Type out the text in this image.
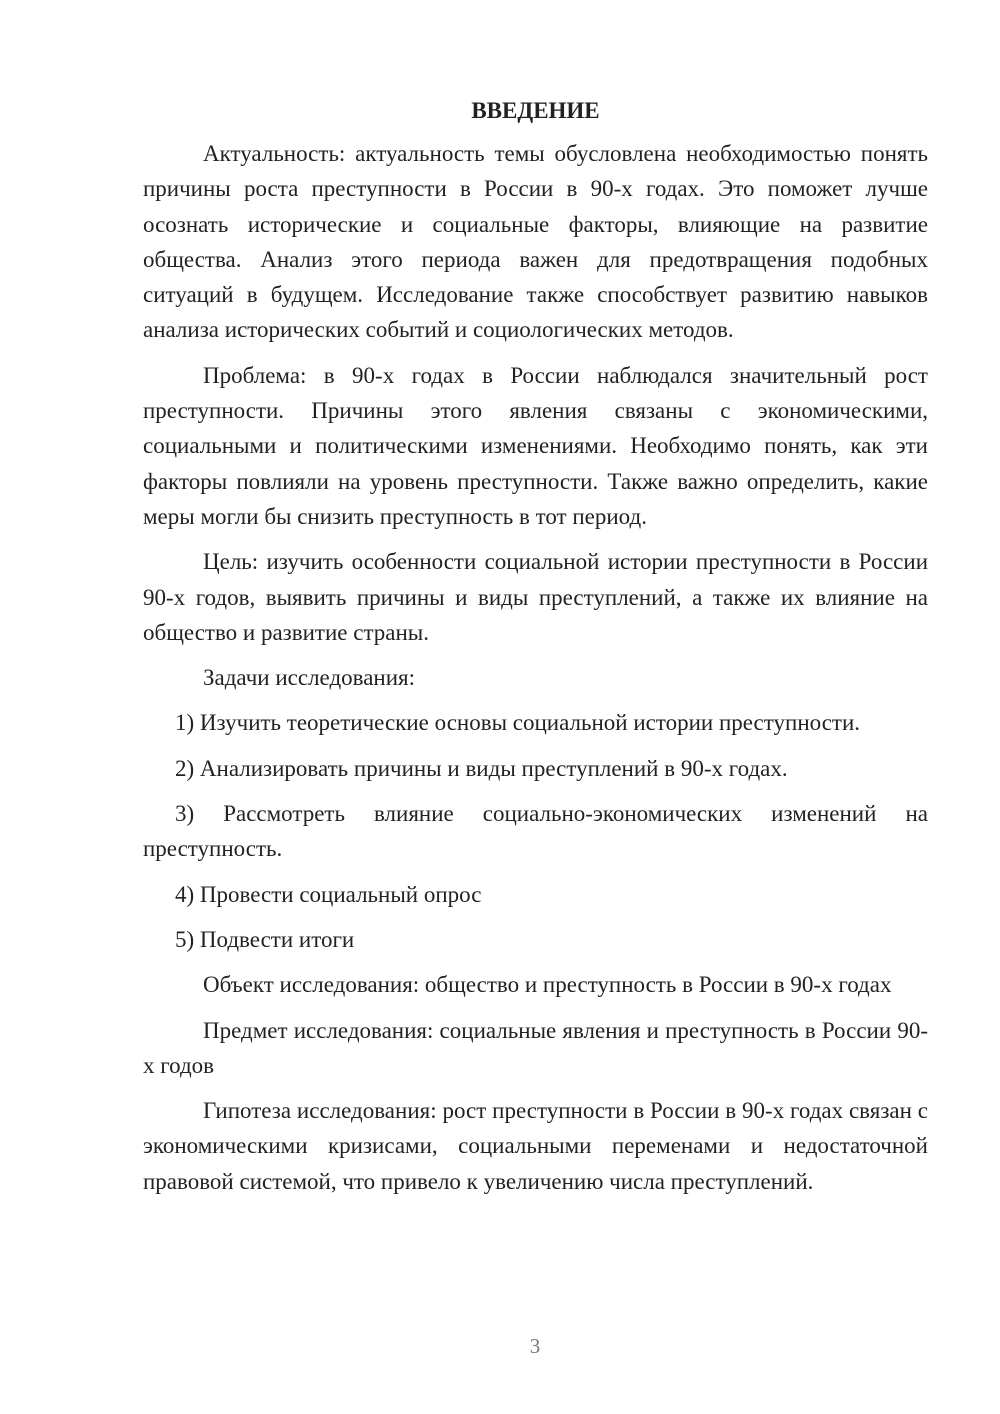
ВВЕДЕНИЕ

Актуальность: актуальность темы обусловлена необходимостью понять причины роста преступности в России в 90-х годах. Это поможет лучше осознать исторические и социальные факторы, влияющие на развитие общества. Анализ этого периода важен для предотвращения подобных ситуаций в будущем. Исследование также способствует развитию навыков анализа исторических событий и социологических методов.

Проблема: в 90-х годах в России наблюдался значительный рост преступности. Причины этого явления связаны с экономическими, социальными и политическими изменениями. Необходимо понять, как эти факторы повлияли на уровень преступности. Также важно определить, какие меры могли бы снизить преступность в тот период.

Цель: изучить особенности социальной истории преступности в России 90-х годов, выявить причины и виды преступлений, а также их влияние на общество и развитие страны.

Задачи исследования:

1) Изучить теоретические основы социальной истории преступности.

2) Анализировать причины и виды преступлений в 90-х годах.

3) Рассмотреть влияние социально-экономических изменений на преступность.

4) Провести социальный опрос

5) Подвести итоги

Объект исследования: общество и преступность в России в 90-х годах

Предмет исследования: социальные явления и преступность в России 90-х годов

Гипотеза исследования: рост преступности в России в 90-х годах связан с экономическими кризисами, социальными переменами и недостаточной правовой системой, что привело к увеличению числа преступлений.

3
